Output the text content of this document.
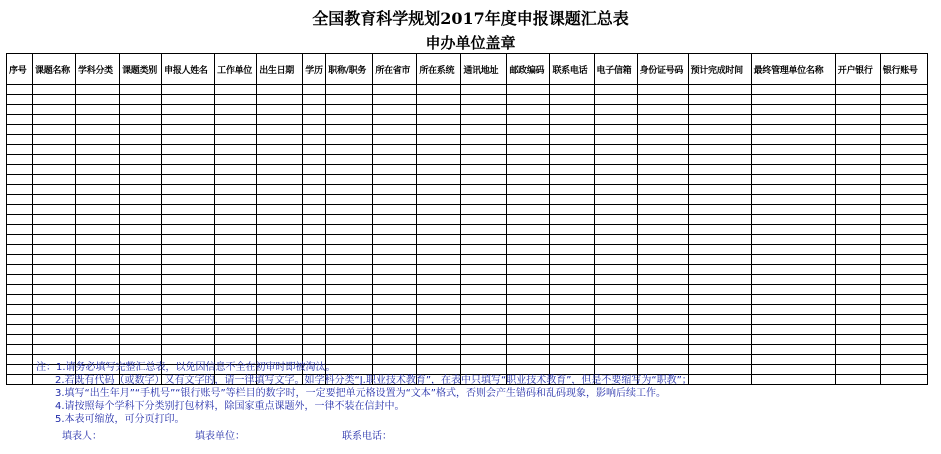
全国教育科学规划2017年度申报课题汇总表
申办单位盖章
序号	课题名称	学科分类	课题类别	申报人姓名	工作单位	出生日期	学历	职称/职务	所在省市	所在系统	通讯地址	邮政编码	联系电话	电子信箱	身份证号码	预计完成时间	最终管理单位名称	开户银行	银行账号

注：1.请务必填写完整汇总表，以免因信息不全在初审时即被淘汰。
2.若既有代码（或数字）又有文字的，请一律填写文字。如学科分类“J.职业技术教育”，在表中只填写“职业技术教育”，但是不要缩写为“职教”；
3.填写“出生年月”“手机号”“银行账号”等栏目的数字时，一定要把单元格设置为“文本”格式，否则会产生错码和乱码现象，影响后续工作。
4.请按照每个学科下分类别打包材料，除国家重点课题外，一律不装在信封中。
5.本表可缩放，可分页打印。
填表人：	填表单位：	联系电话：
